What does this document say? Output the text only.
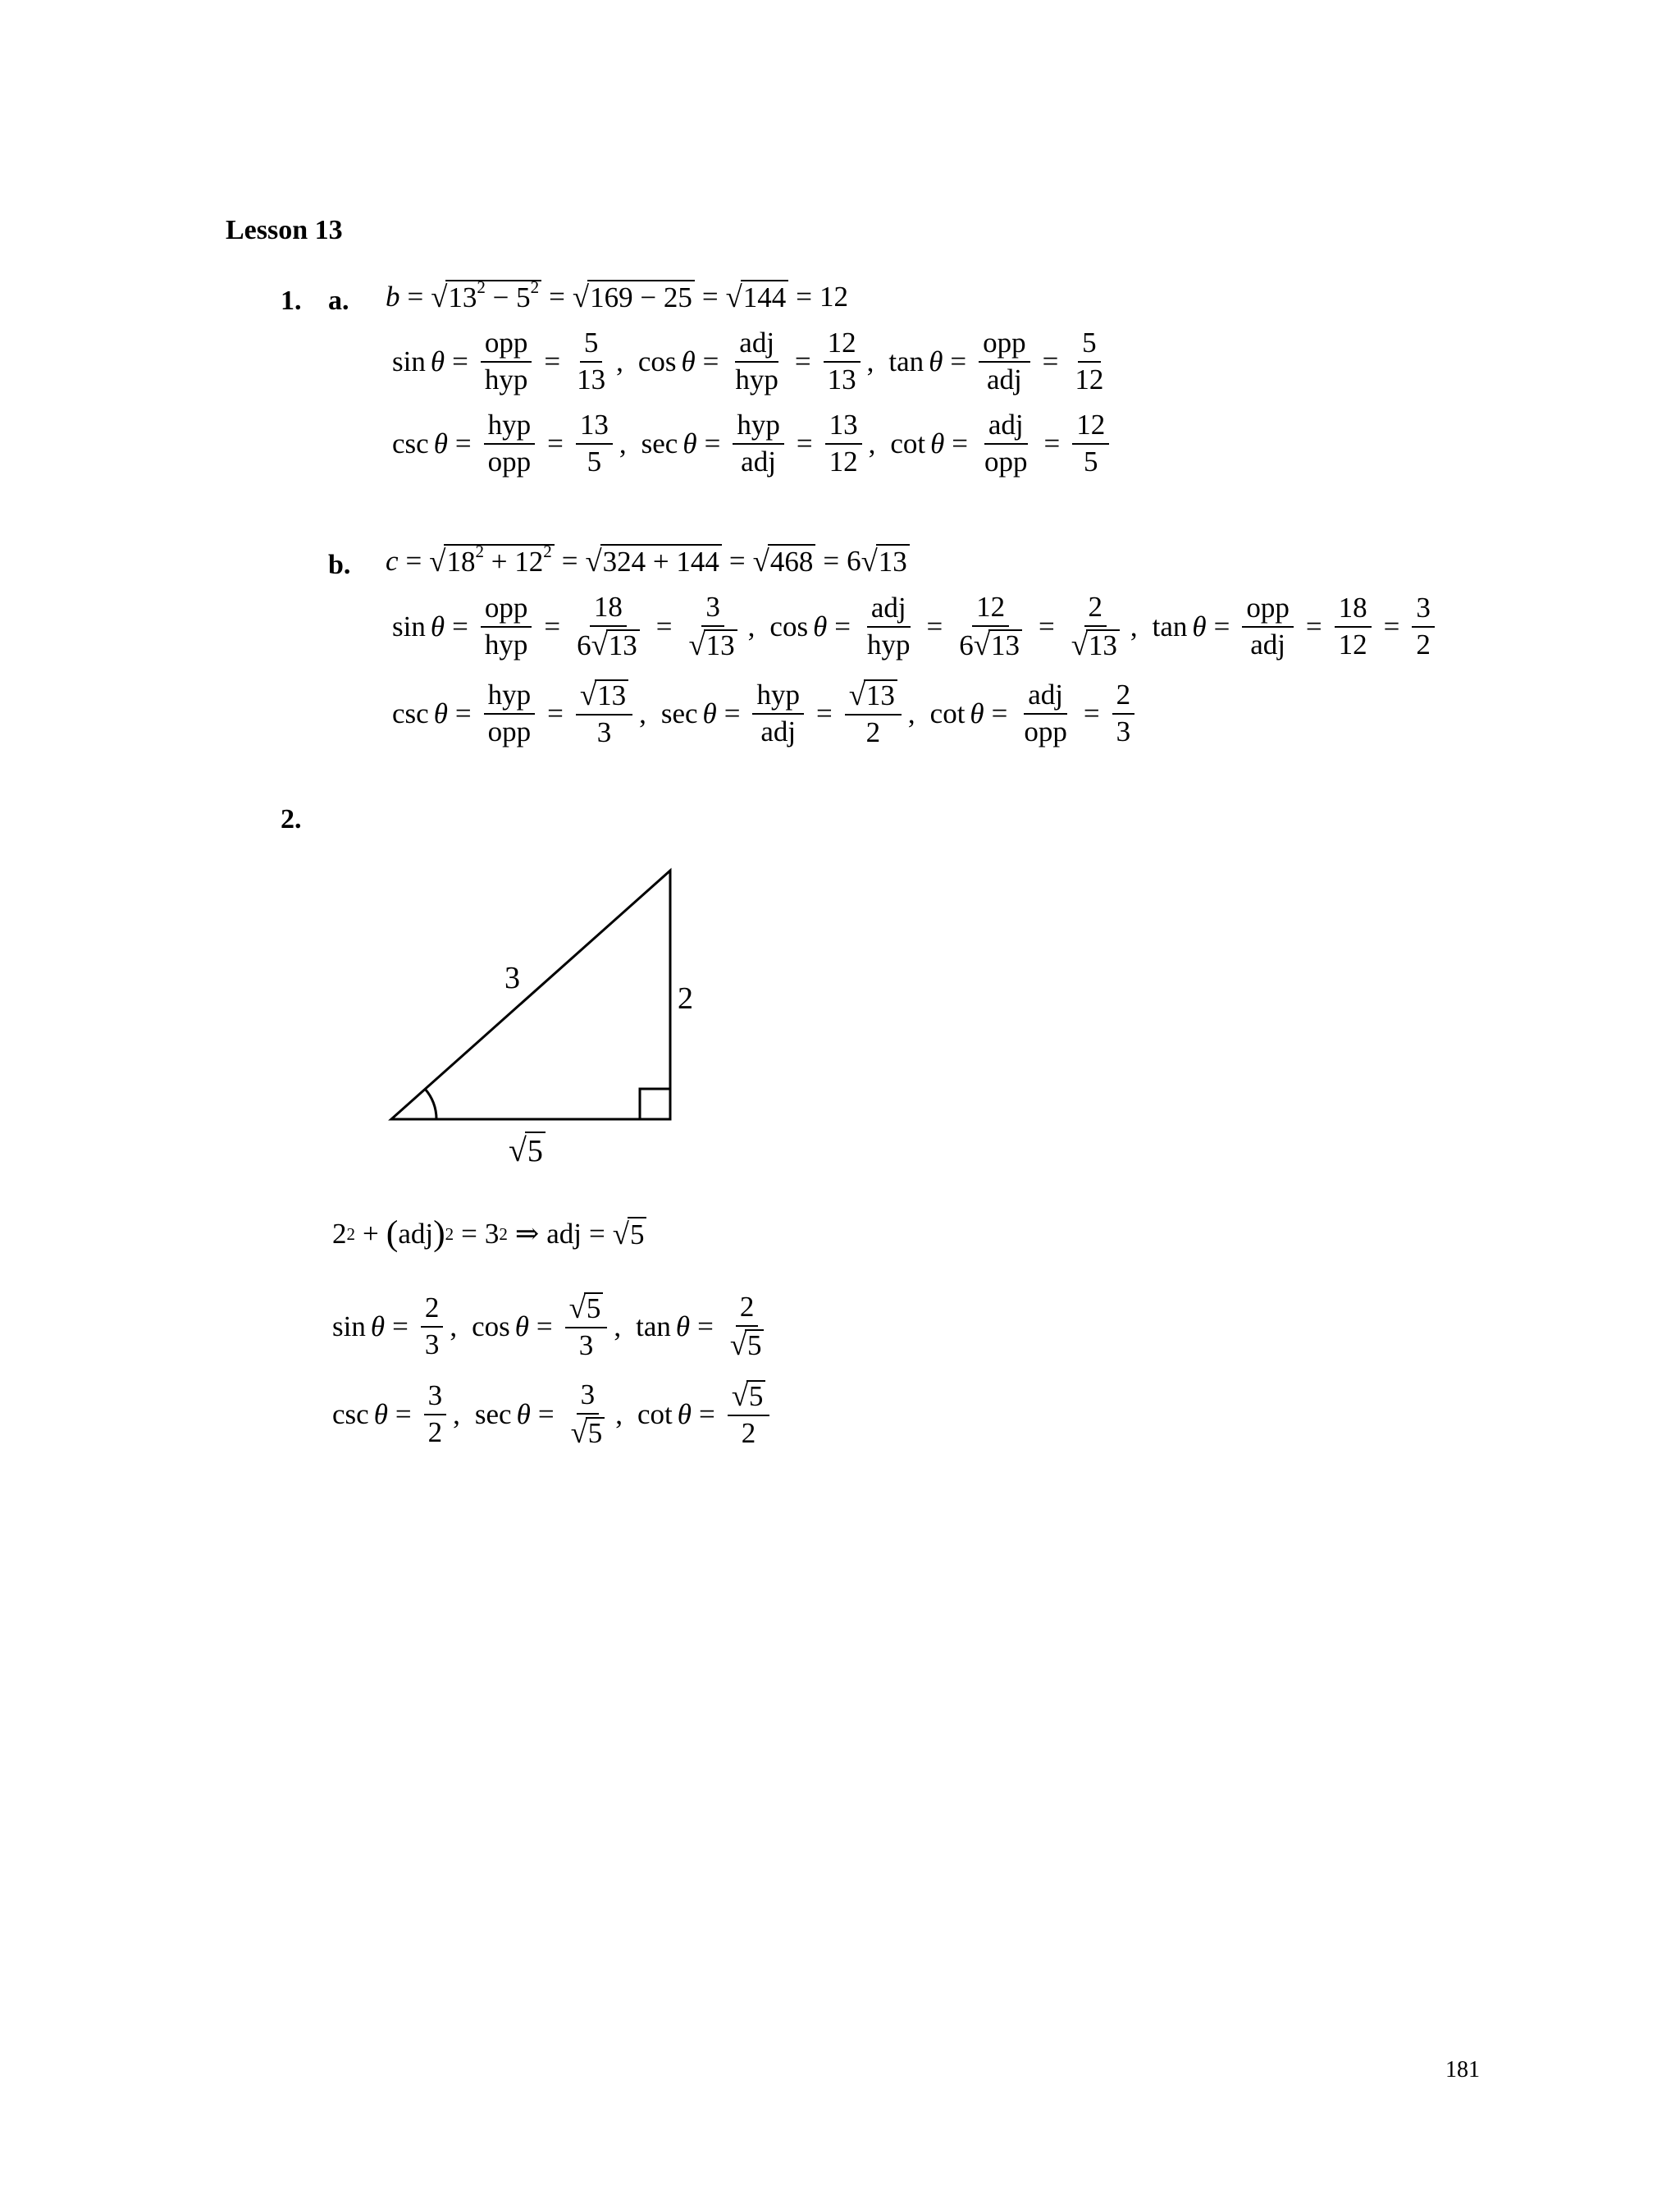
Lesson 13
1. a. b = √ $13^2 - 5^2$ = √ 169 − 25 = √ 144 = 12
$\sin \theta = \frac{\text{opp}}{\text{hyp}} = \frac{5}{13}$ , $\cos \theta = \frac{\text{adj}}{\text{hyp}} = \frac{12}{13}$ , $\tan \theta = \frac{\text{opp}}{\text{adj}} = \frac{5}{12}$
$\csc \theta = \frac{\text{hyp}}{\text{opp}} = \frac{13}{5}$ , $\sec \theta = \frac{\text{hyp}}{\text{adj}} = \frac{13}{12}$ , $\cot \theta = \frac{\text{adj}}{\text{opp}} = \frac{12}{5}$
b. c = √ $18^2 + 12^2$ = √ 324 + 144 = √ 468 = 6 √ 13
$\sin \theta = \frac{\text{opp}}{\text{hyp}} = \frac{18}{6 √ 13} = \frac{3}{√ 13}$ , $\cos \theta = \frac{\text{adj}}{\text{hyp}} = \frac{12}{6 √ 13} = \frac{2}{√ 13}$ , $\tan \theta = \frac{\text{opp}}{\text{adj}} = \frac{18}{12} = \frac{3}{2}$
$\csc \theta = \frac{\text{hyp}}{\text{opp}} = \frac{√ 13}{3}$ , $\sec \theta = \frac{\text{hyp}}{\text{adj}} = \frac{√ 13}{2}$ , $\cot \theta = \frac{\text{adj}}{\text{opp}} = \frac{2}{3}$
2.
3
2
√ 5
2 2 + ( adj ) 2 = 3 2 ⇒ adj = √ 5
$\sin \theta = \frac{2}{3}$ , $\cos \theta = \frac{√ 5}{3}$ , $\tan \theta = \frac{2}{√ 5}$
$\csc \theta = \frac{3}{2}$ , $\sec \theta = \frac{3}{√ 5}$ , $\cot \theta = \frac{√ 5}{2}$
181
